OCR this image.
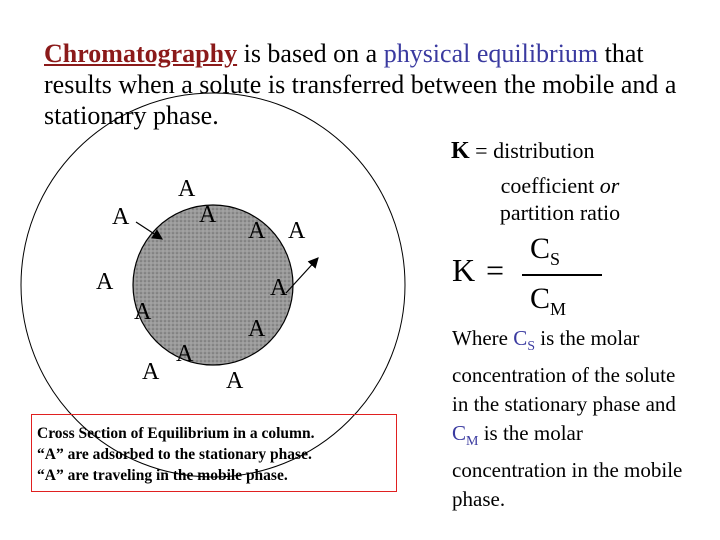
Chromatography is based on a physical equilibrium that results when a solute is transferred between the mobile and a stationary phase.

K = distribution
coefficient or
partition ratio
K =
$C_S$
$C_M$

Where $C_S$ is the molar concentration of the solute in the stationary phase and $C_M$ is the molar concentration in the mobile phase.

A
A	A
A A
A	A
A
A
A
A	A
Cross Section of Equilibrium in a column.
“A” are adsorbed to the stationary phase.
“A” are traveling in the mobile phase.
